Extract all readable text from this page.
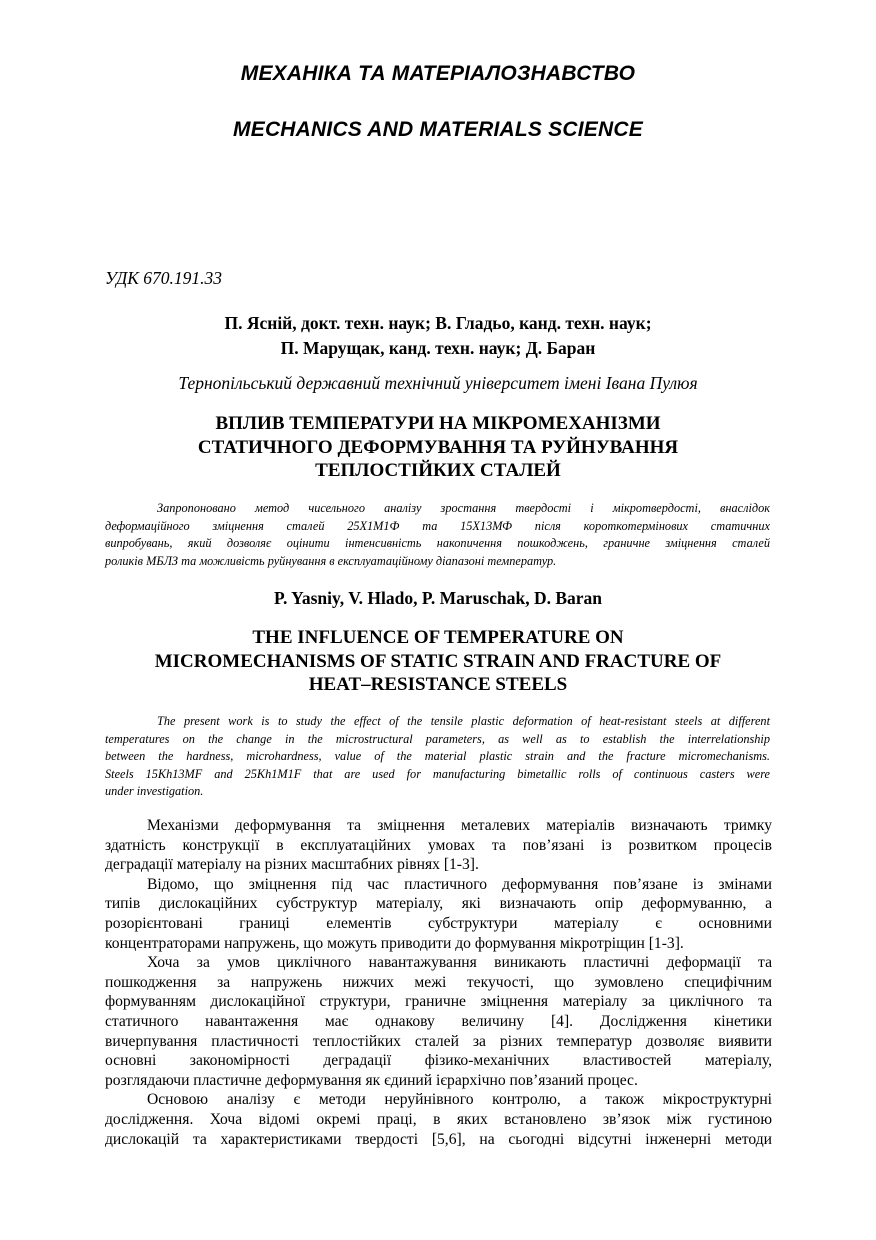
МЕХАНІКА ТА МАТЕРІАЛОЗНАВСТВО
MECHANICS AND MATERIALS SCIENCE

УДК 670.191.33

П. Ясній, докт. техн. наук; В. Гладьо, канд. техн. наук;
П. Марущак, канд. техн. наук; Д. Баран

Тернопільський державний технічний університет імені Івана Пулюя

ВПЛИВ ТЕМПЕРАТУРИ НА МІКРОМЕХАНІЗМИ
СТАТИЧНОГО ДЕФОРМУВАННЯ ТА РУЙНУВАННЯ
ТЕПЛОСТІЙКИХ СТАЛЕЙ
Запропоновано метод чисельного аналізу зростання твердості і мікротвердості, внаслідок
деформаційного зміцнення сталей 25Х1М1Ф та 15Х13МФ після короткотермінових статичних
випробувань, який дозволяє оцінити інтенсивність накопичення пошкоджень, граничне зміцнення сталей
роликів МБЛЗ та можливість руйнування в експлуатаційному діапазоні температур.

P. Yasniy, V. Hlado, P. Maruschak, D. Baran

THE INFLUENCE OF TEMPERATURE ON
MICROMECHANISMS OF STATIC STRAIN AND FRACTURE OF
HEAT–RESISTANCE STEELS
The present work is to study the effect of the tensile plastic deformation of heat-resistant steels at different
temperatures on the change in the microstructural parameters, as well as to establish the interrelationship
between the hardness, microhardness, value of the material plastic strain and the fracture micromechanisms.
Steels 15Kh13MF and 25Kh1M1F that are used for manufacturing bimetallic rolls of continuous casters were
under investigation.

Механізми деформування та зміцнення металевих матеріалів визначають тримку
здатність конструкції в експлуатаційних умовах та пов’язані із розвитком процесів
деградації матеріалу на різних масштабних рівнях [1-3].

Відомо, що зміцнення під час пластичного деформування пов’язане із змінами
типів дислокаційних субструктур матеріалу, які визначають опір деформуванню, а
розорієнтовані границі елементів субструктури матеріалу є основними
концентраторами напружень, що можуть приводити до формування мікротріщин [1-3].

Хоча за умов циклічного навантажування виникають пластичні деформації та
пошкодження за напружень нижчих межі текучості, що зумовлено специфічним
формуванням дислокаційної структури, граничне зміцнення матеріалу за циклічного та
статичного навантаження має однакову величину [4]. Дослідження кінетики
вичерпування пластичності теплостійких сталей за різних температур дозволяє виявити
основні закономірності деградації фізико-механічних властивостей матеріалу,
розглядаючи пластичне деформування як єдиний ієрархічно пов’язаний процес.

Основою аналізу є методи неруйнівного контролю, а також мікроструктурні
дослідження. Хоча відомі окремі праці, в яких встановлено зв’язок між густиною
дислокацій та характеристиками твердості [5,6], на сьогодні відсутні інженерні методи
